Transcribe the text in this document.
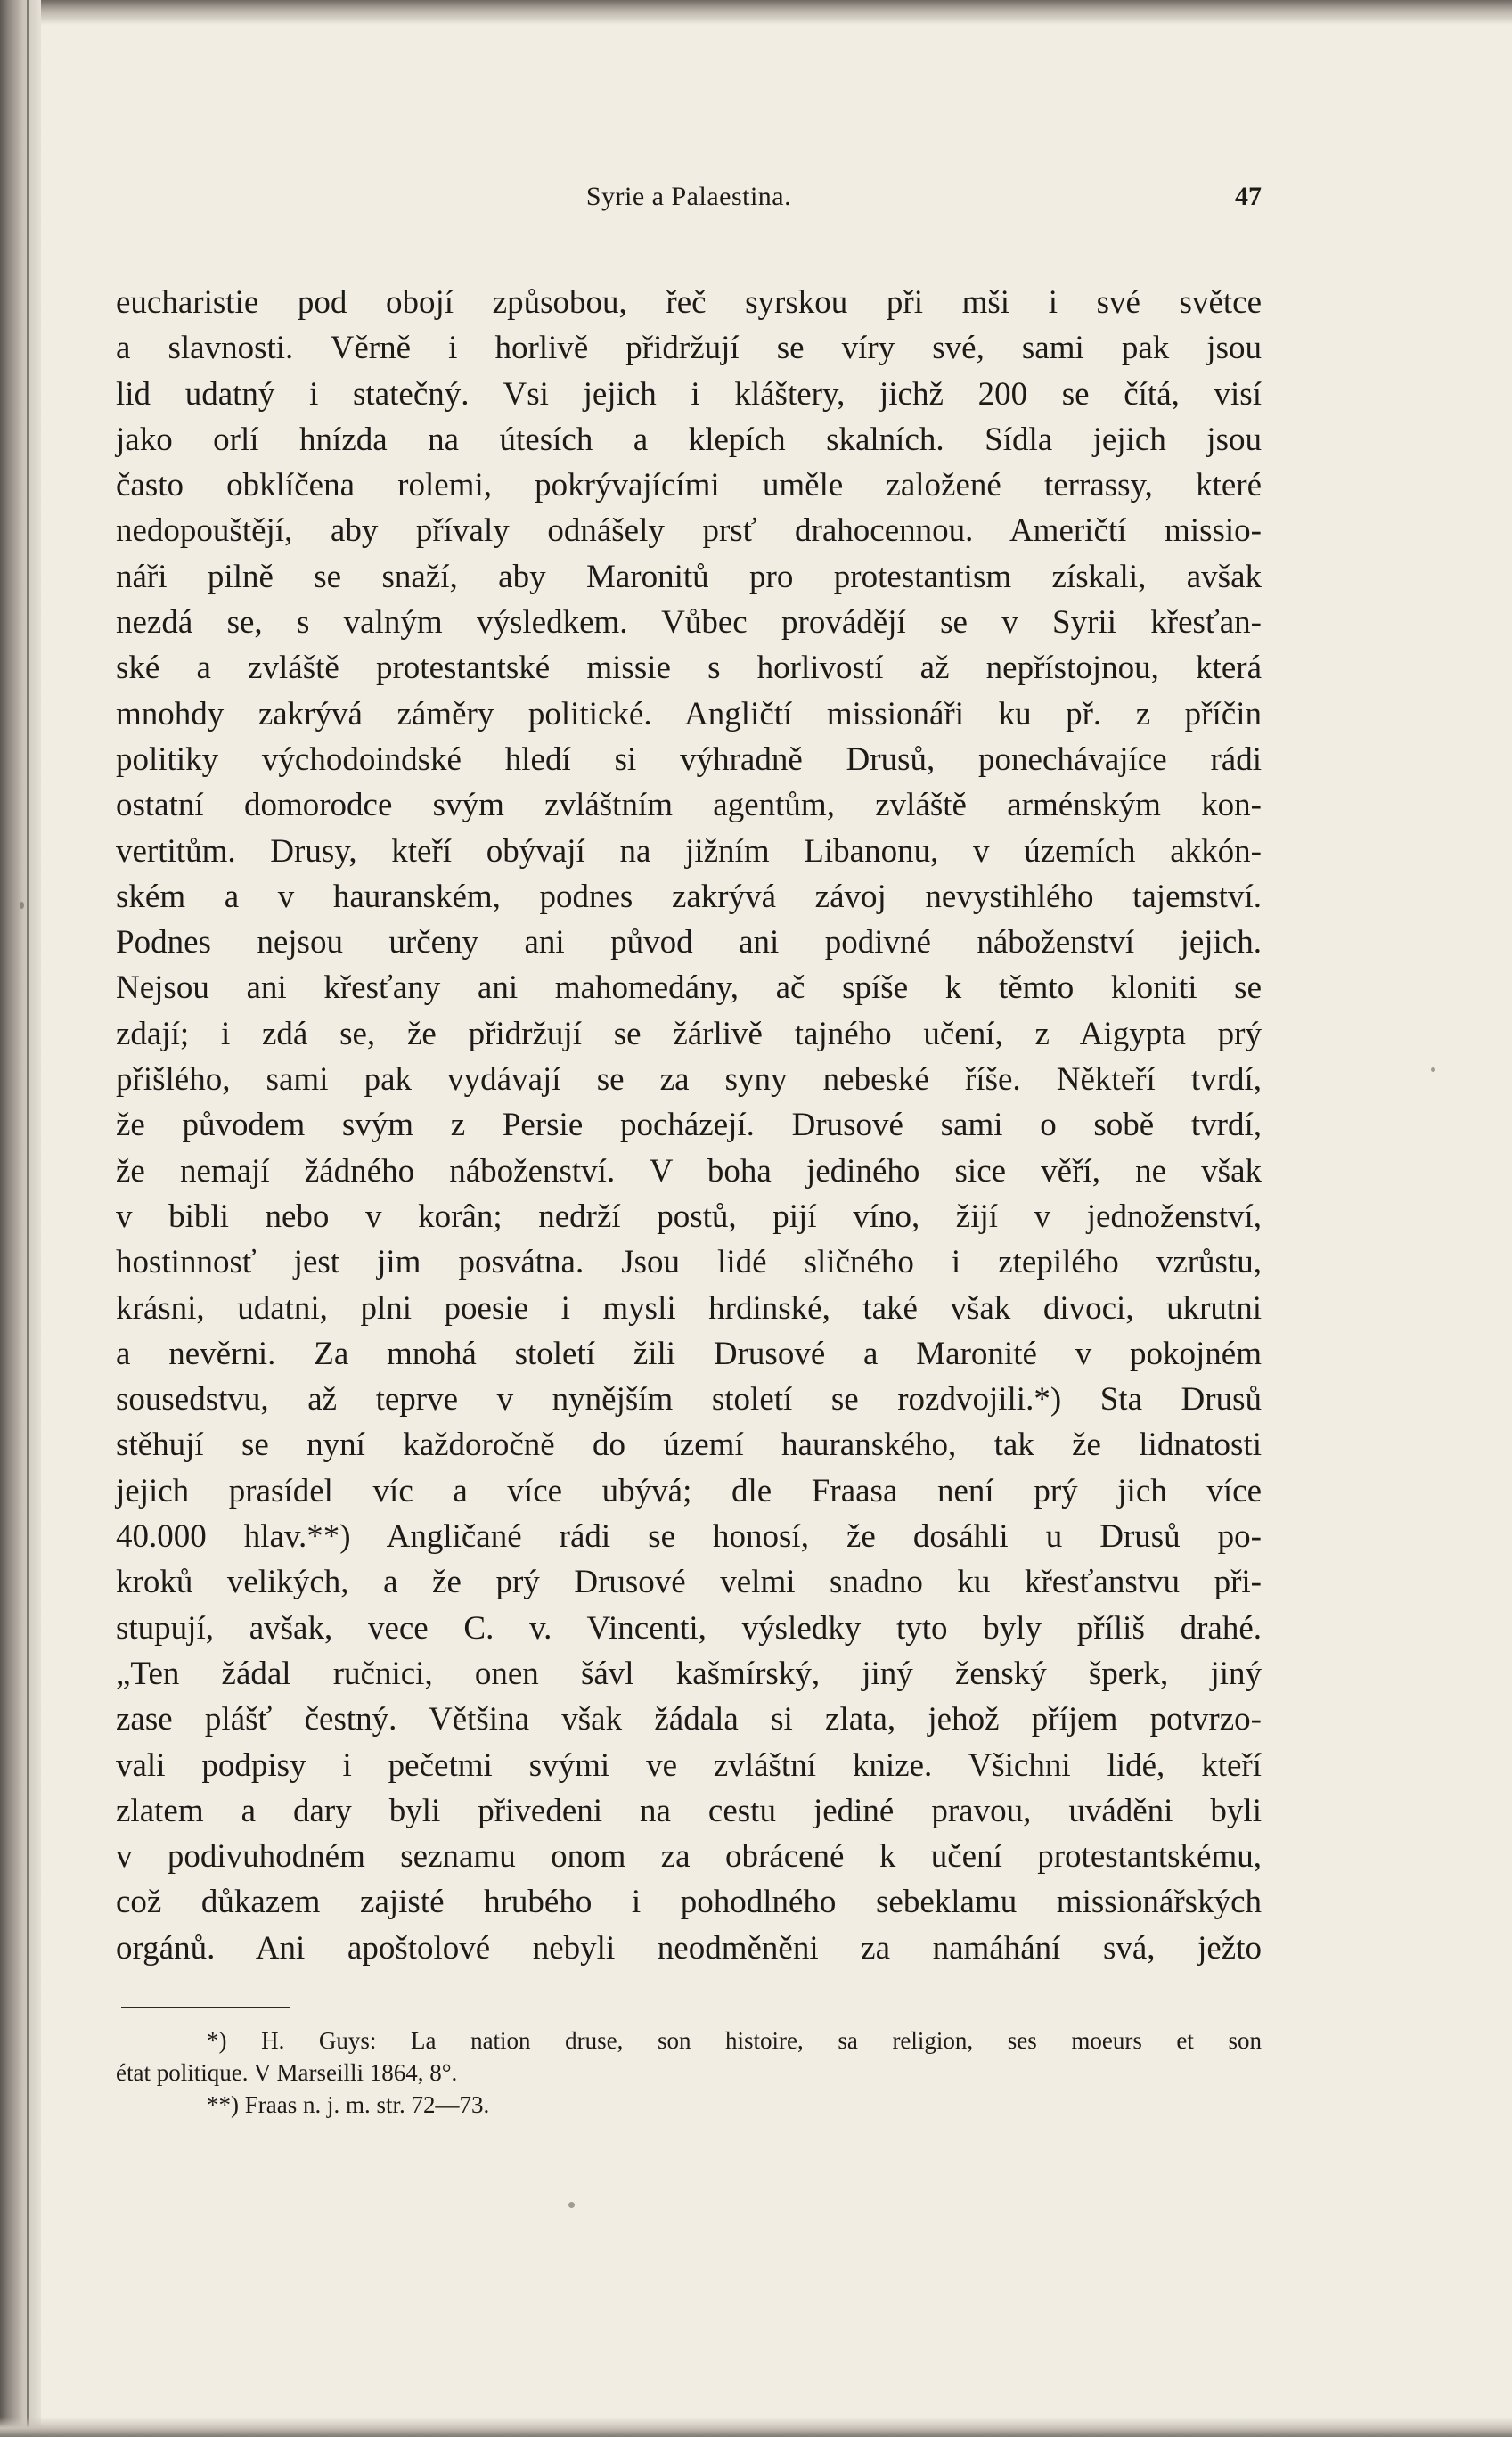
Syrie a Palaestina.	47
eucharistie pod obojí způsobou, řeč syrskou při mši i své světce
a slavnosti. Věrně i horlivě přidržují se víry své, sami pak jsou
lid udatný i statečný. Vsi jejich i kláštery, jichž 200 se čítá, visí
jako orlí hnízda na útesích a klepích skalních. Sídla jejich jsou
často obklíčena rolemi, pokrývajícími uměle založené terrassy, které
nedopouštějí, aby přívaly odnášely prsť drahocennou. Američtí missio-
náři pilně se snaží, aby Maronitů pro protestantism získali, avšak
nezdá se, s valným výsledkem. Vůbec provádějí se v Syrii křesťan-
ské a zvláště protestantské missie s horlivostí až nepřístojnou, která
mnohdy zakrývá záměry politické. Angličtí missionáři ku př. z příčin
politiky východoindské hledí si výhradně Drusů, ponechávajíce rádi
ostatní domorodce svým zvláštním agentům, zvláště arménským kon-
vertitům. Drusy, kteří obývají na jižním Libanonu, v územích akkón-
ském a v hauranském, podnes zakrývá závoj nevystihlého tajemství.
Podnes nejsou určeny ani původ ani podivné náboženství jejich.
Nejsou ani křesťany ani mahomedány, ač spíše k těmto kloniti se
zdají; i zdá se, že přidržují se žárlivě tajného učení, z Aigypta prý
přišlého, sami pak vydávají se za syny nebeské říše. Někteří tvrdí,
že původem svým z Persie pocházejí. Drusové sami o sobě tvrdí,
že nemají žádného náboženství. V boha jediného sice věří, ne však
v bibli nebo v korân; nedrží postů, pijí víno, žijí v jednoženství,
hostinnosť jest jim posvátna. Jsou lidé sličného i ztepilého vzrůstu,
krásni, udatni, plni poesie i mysli hrdinské, také však divoci, ukrutni
a nevěrni. Za mnohá století žili Drusové a Maronité v pokojném
sousedstvu, až teprve v nynějším století se rozdvojili.*) Sta Drusů
stěhují se nyní každoročně do území hauranského, tak že lidnatosti
jejich prasídel víc a více ubývá; dle Fraasa není prý jich více
40.000 hlav.**) Angličané rádi se honosí, že dosáhli u Drusů po-
kroků velikých, a že prý Drusové velmi snadno ku křesťanstvu při-
stupují, avšak, vece C. v. Vincenti, výsledky tyto byly příliš drahé.
„Ten žádal ručnici, onen šávl kašmírský, jiný ženský šperk, jiný
zase plášť čestný. Většina však žádala si zlata, jehož příjem potvrzo-
vali podpisy i pečetmi svými ve zvláštní knize. Všichni lidé, kteří
zlatem a dary byli přivedeni na cestu jediné pravou, uváděni byli
v podivuhodném seznamu onom za obrácené k učení protestantskému,
což důkazem zajisté hrubého i pohodlného sebeklamu missionářských
orgánů. Ani apoštolové nebyli neodměněni za namáhání svá, ježto
*) H. Guys: La nation druse, son histoire, sa religion, ses moeurs et son
état politique. V Marseilli 1864, 8°.
**) Fraas n. j. m. str. 72—73.
